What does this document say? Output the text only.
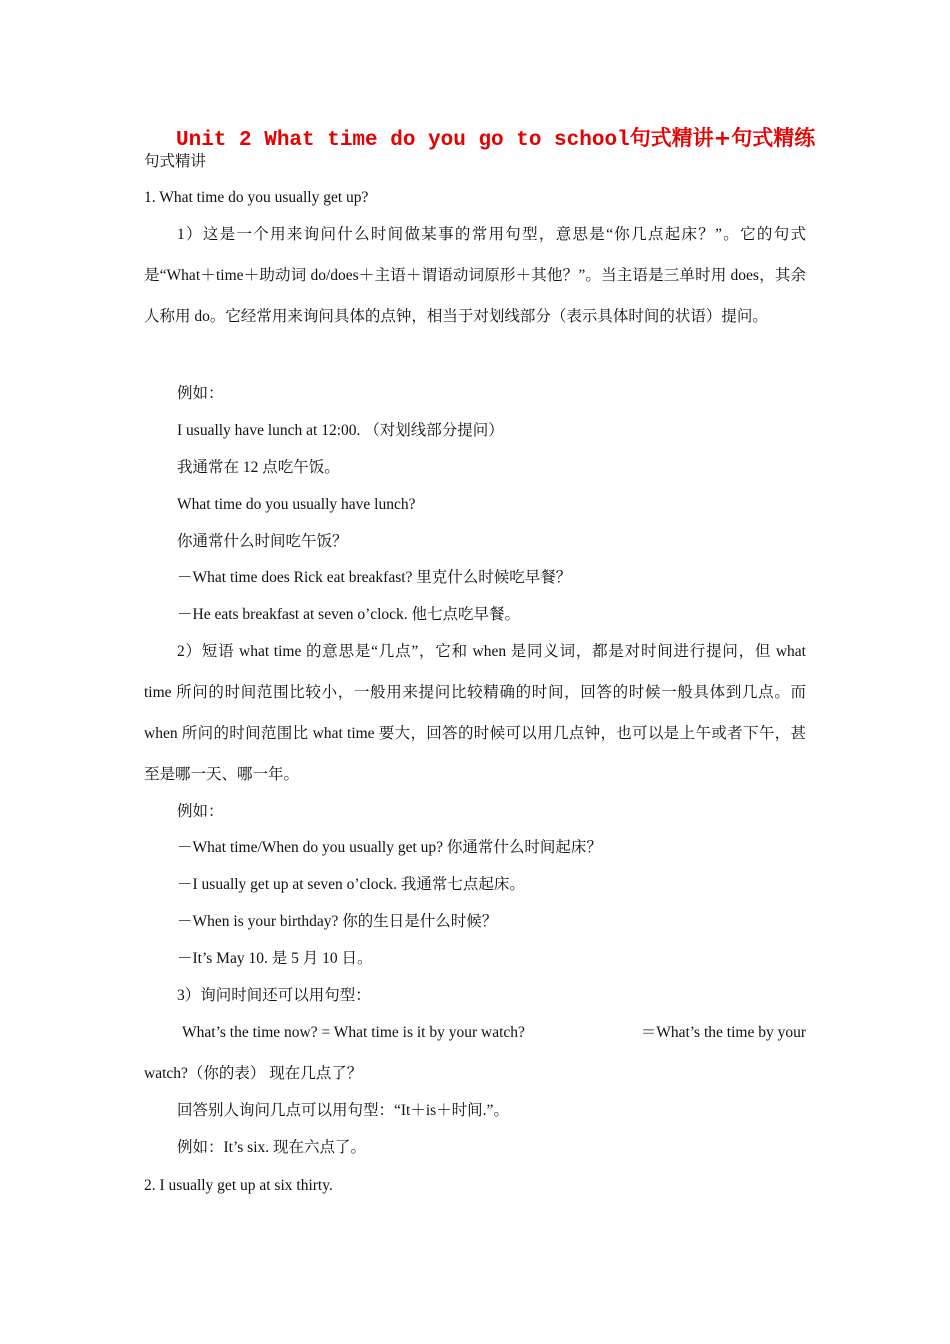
Unit 2 What time do you go to school句式精讲+句式精练
句式精讲
1. What time do you usually get up?
1）这是一个用来询问什么时间做某事的常用句型，意思是“你几点起床？”。它的句式是“What＋time＋助动词 do/does＋主语＋谓语动词原形＋其他？”。当主语是三单时用 does，其余人称用 do。它经常用来询问具体的点钟，相当于对划线部分（表示具体时间的状语）提问。
例如：
I usually have lunch at 12:00. （对划线部分提问）
我通常在 12 点吃午饭。
What time do you usually have lunch?
你通常什么时间吃午饭？
－What time does Rick eat breakfast? 里克什么时候吃早餐？
－He eats breakfast at seven o’clock. 他七点吃早餐。
2）短语 what time 的意思是“几点”，它和 when 是同义词，都是对时间进行提问，但 what time 所问的时间范围比较小，一般用来提问比较精确的时间，回答的时候一般具体到几点。而 when 所问的时间范围比 what time 要大，回答的时候可以用几点钟，也可以是上午或者下午，甚至是哪一天、哪一年。
例如：
－What time/When do you usually get up? 你通常什么时间起床？
－I usually get up at seven o’clock. 我通常七点起床。
－When is your birthday? 你的生日是什么时候？
－It’s May 10. 是 5 月 10 日。
3）询问时间还可以用句型：
What’s the time now? = What time is it by your watch?	＝What’s the time by your
watch?（你的表） 现在几点了？
回答别人询问几点可以用句型：“It＋is＋时间.”。
例如：It’s six. 现在六点了。
2. I usually get up at six thirty.
